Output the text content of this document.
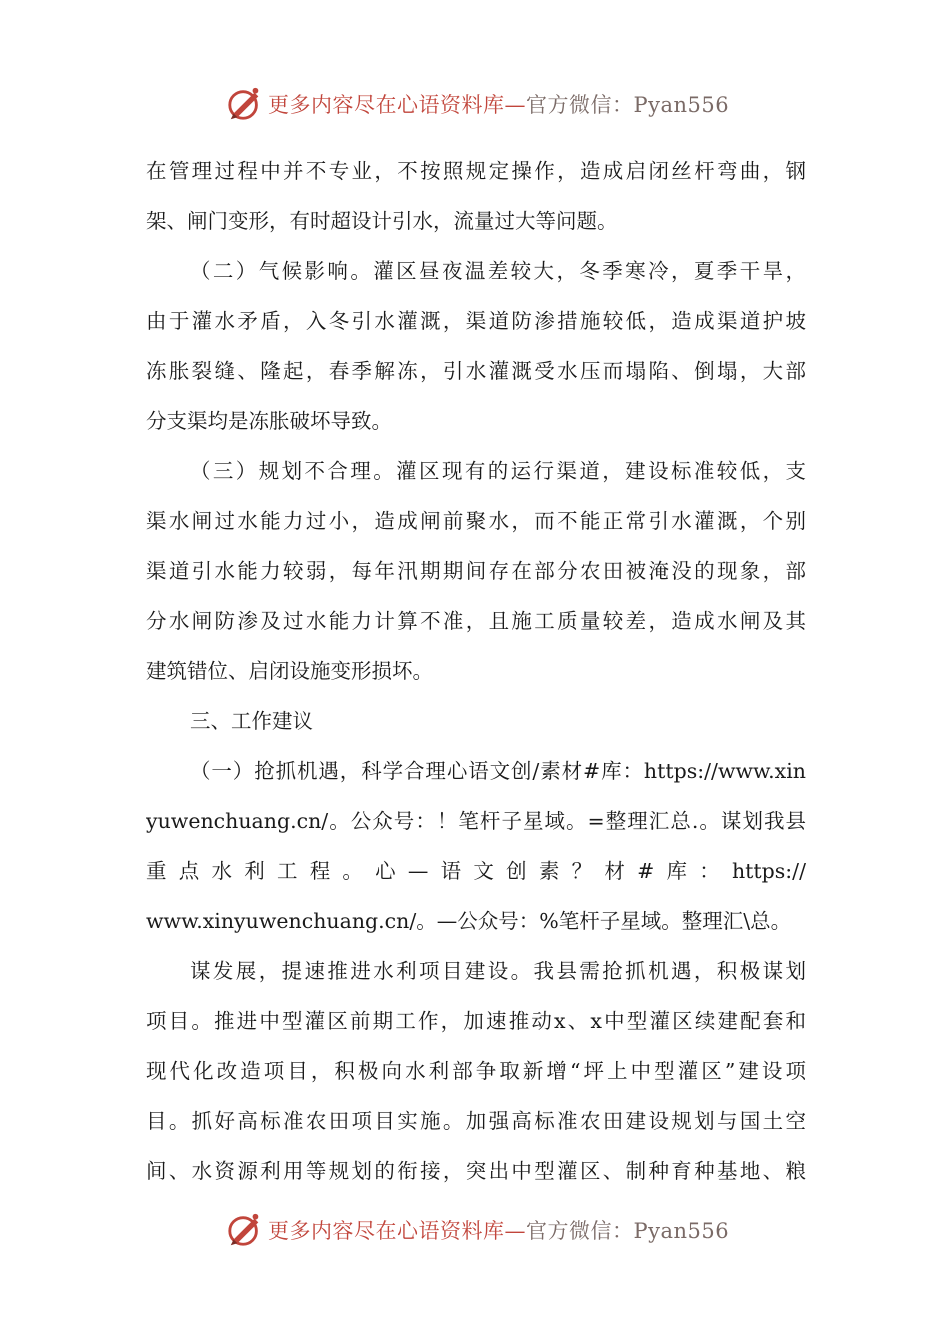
更多内容尽在心语资料库—官方微信：Pyan556
在管理过程中并不专业，不按照规定操作，造成启闭丝杆弯曲，钢
架、闸门变形，有时超设计引水，流量过大等问题。
（二）气候影响。灌区昼夜温差较大，冬季寒冷，夏季干旱，
由于灌水矛盾，入冬引水灌溉，渠道防渗措施较低，造成渠道护坡
冻胀裂缝、隆起，春季解冻，引水灌溉受水压而塌陷、倒塌，大部
分支渠均是冻胀破坏导致。
（三）规划不合理。灌区现有的运行渠道，建设标准较低，支
渠水闸过水能力过小，造成闸前聚水，而不能正常引水灌溉，个别
渠道引水能力较弱，每年汛期期间存在部分农田被淹没的现象，部
分水闸防渗及过水能力计算不准，且施工质量较差，造成水闸及其
建筑错位、启闭设施变形损坏。
三、工作建议
（一）抢抓机遇，科学合理心语文创/素材#库：https://www.xin
yuwenchuang.cn/。公众号：！笔杆子星域。=整理汇总.。谋划我县
重点水利工程。心—语文创素？材#库：https://
www.xinyuwenchuang.cn/。—公众号：%笔杆子星域。整理汇\总。
谋发展，提速推进水利项目建设。我县需抢抓机遇，积极谋划
项目。推进中型灌区前期工作，加速推动x、x中型灌区续建配套和
现代化改造项目，积极向水利部争取新增“坪上中型灌区”建设项
目。抓好高标准农田项目实施。加强高标准农田建设规划与国土空
间、水资源利用等规划的衔接，突出中型灌区、制种育种基地、粮
更多内容尽在心语资料库—官方微信：Pyan556
